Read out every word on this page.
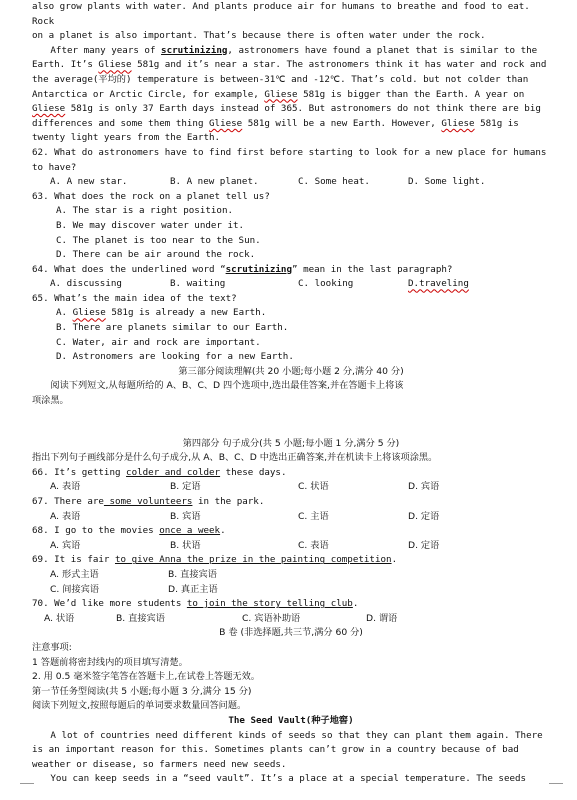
also grow plants with water. And plants produce air for humans to breathe and food to eat. Rock

on a planet is also important. That’s because there is often water under the rock.

After many years of scrutinizing, astronomers have found a planet that is similar to the Earth. It’s Gliese 581g and it’s near a star. The astronomers think it has water and rock and the average(平均的) temperature is between-31℃ and -12℃. That’s cold. but not colder than Antarctica or Arctic Circle, for example, Gliese 581g is bigger than the Earth. A year on Gliese 581g is only 37 Earth days instead of 365. But astronomers do not think there are big differences and some them thing Gliese 581g will be a new Earth. However, Gliese 581g is twenty light years from the Earth.

62. What do astronomers have to find first before starting to look for a new place for humans to have?

A. A new star.	B. A new planet.	C. Some heat.	D. Some light.

63. What does the rock on a planet tell us?

A. The star is a right position.

B. We may discover water under it.

C. The planet is too near to the Sun.

D. There can be air around the rock.

64. What does the underlined word “scrutinizing” mean in the last paragraph?

A. discussing	B. waiting	C. looking	D.traveling

65. What’s the main idea of the text?

A. Gliese 581g is already a new Earth.

B. There are planets similar to our Earth.

C. Water, air and rock are important.

D. Astronomers are looking for a new Earth.

第三部分阅读理解(共 20 小题;每小题 2 分,满分 40 分)

阅读下列短文,从每题所给的 A、B、C、D 四个选项中,选出最佳答案,并在答题卡上将该

项涂黑。

第四部分 句子成分(共 5 小题;每小题 1 分,满分 5 分)

指出下列句子画线部分是什么句子成分,从 A、B、C、D 中选出正确答案,并在机读卡上将该项涂黑。

66. It’s getting colder and colder these days.

A. 表语	B. 定语	C. 状语	D. 宾语

67. There are some volunteers in the park.

A. 表语	B. 宾语	C. 主语	D. 定语

68. I go to the movies once a week.

A. 宾语	B. 状语	C. 表语	D. 定语

69. It is fair to give Anna the prize in the painting competition.

A. 形式主语	B. 直接宾语
C. 间接宾语	D. 真正主语

70. We’d like more students to join the story telling club.

A. 状语	B. 直接宾语	C. 宾语补助语	D. 谓语

B 卷 (非选择题,共三节,满分 60 分)

注意事项:

1 答题前将密封线内的项目填写清楚。

2. 用 0.5 毫米签字笔答在答题卡上,在试卷上答题无效。

第一节任务型阅读(共 5 小题;每小题 3 分,满分 15 分)

阅读下列短文,按照每题后的单词要求数量回答问题。

The Seed Vault(种子地窖)

A lot of countries need different kinds of seeds so that they can plant them again. There is an important reason for this. Sometimes plants can’t grow in a country because of bad weather or disease, so farmers need new seeds.

You can keep seeds in a “seed vault”. It’s a place at a special temperature. The seeds
